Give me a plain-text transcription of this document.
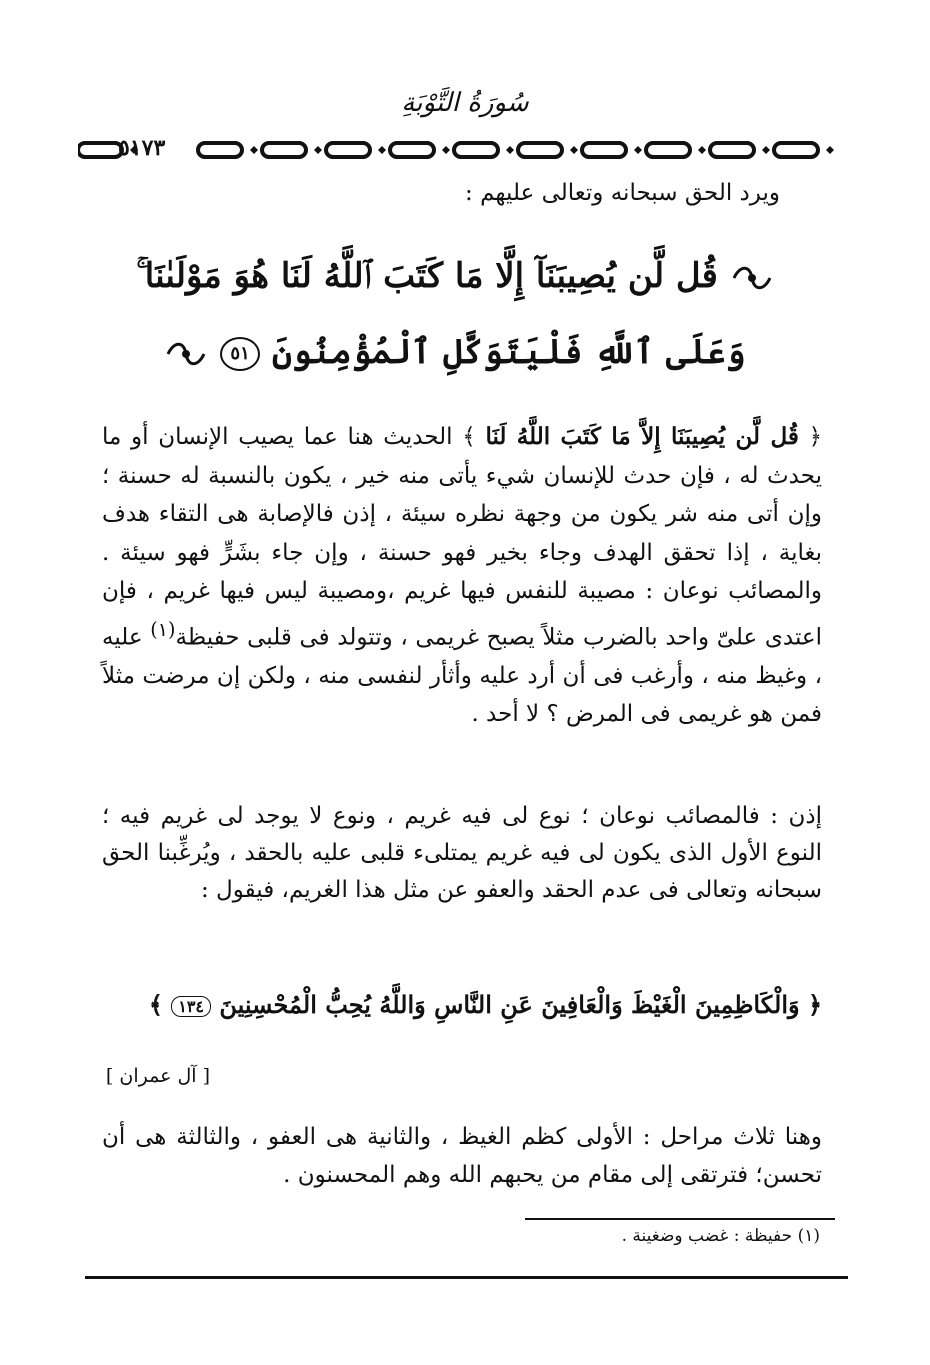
سُورَةُ التَّوْبَةِ
٥١٧٣
ويرد الحق سبحانه وتعالى عليهم :
قُل لَّن يُصِيبَنَآ إِلَّا مَا كَتَبَ ٱللَّهُ لَنَا هُوَ مَوْلَىٰنَا ۚ
وَعَلَى ٱللَّهِ فَلْيَتَوَكَّلِ ٱلْمُؤْمِنُونَ ٥١
﴿ قُل لَّن يُصِيبَنَا إِلاَّ مَا كَتَبَ اللَّهُ لَنَا ﴾ الحديث هنا عما يصيب الإنسان أو ما يحدث له ، فإن حدث للإنسان شيء يأتى منه خير ، يكون بالنسبة له حسنة ؛ وإن أتى منه شر يكون من وجهة نظره سيئة ، إذن فالإصابة هى التقاء هدف بغاية ، إذا تحقق الهدف وجاء بخير فهو حسنة ، وإن جاء بشَرٍّ فهو سيئة . والمصائب نوعان : مصيبة للنفس فيها غريم ،ومصيبة ليس فيها غريم ، فإن اعتدى علىّ واحد بالضرب مثلاً يصبح غريمى ، وتتولد فى قلبى حفيظة$^{(١)}$ عليه ، وغيظ منه ، وأرغب فى أن أرد عليه وأثأر لنفسى منه ، ولكن إن مرضت مثلاً فمن هو غريمى فى المرض ؟ لا أحد .
إذن : فالمصائب نوعان ؛ نوع لى فيه غريم ، ونوع لا يوجد لى غريم فيه ؛ النوع الأول الذى يكون لى فيه غريم يمتلىء قلبى عليه بالحقد ، ويُرغِّبنا الحق سبحانه وتعالى فى عدم الحقد والعفو عن مثل هذا الغريم، فيقول :
﴿ وَالْكَاظِمِينَ الْغَيْظَ وَالْعَافِينَ عَنِ النَّاسِ وَاللَّهُ يُحِبُّ الْمُحْسِنِينَ ١٣٤ ﴾
[ آل عمران ]
وهنا ثلاث مراحل : الأولى كظم الغيظ ، والثانية هى العفو ، والثالثة هى أن تحسن؛ فترتقى إلى مقام من يحبهم الله وهم المحسنون .
(١) حفيظة : غضب وضغينة .
